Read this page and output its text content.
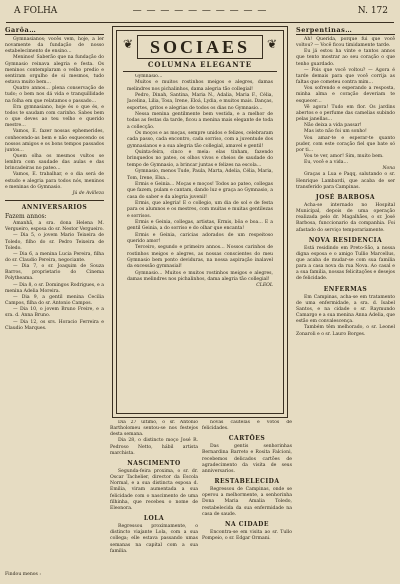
A FOLHA	— — — — — — — — — —	N. 172
Garôa…

Gymnasianos; vocês vem, hoje, a ler novamente da fundação de nosso estabelecimento de ensino…

Meninos! Saberão que na fundação do Gymnasio reinava alegria e festa. Os meninos contemplaram o velho predio e sentiram orgulho de si mesmos, tudo estava muito bem…

Quatro annos… plena conservação de tudo; o bem nos dá vida e tranquillidade na folha em que relatamos o passado…

Era gymnasiano, hoje és o que és, e todos te saudam com carinho. Sabes bem o que deves ao teu velho e querido mestre…

Vamos, E. fazer nossas ephemerides, conhecendo-as bem e não esquecendo os nossos amigos e os bons tempos passados juntos…

Quem olha os mesmos vultos se lembra com saudade das aulas e das brincadeiras no pateo…

Vamos, E. trabalhar, e o dia será de estudo e alegria para todos nós, meninos e meninas do Gymnasio.

Jú de Avilleza

ANNIVERSARIOS

Fazem annos:

Amanhã, a sra. dona Helena M. Vergueiro, esposa do sr. Nestor Vergueiro.

— Dia 5, o jovem Mario Teixeira de Toledo, filho do sr. Pedro Teixeira de Toledo.

— Dia 6, a menina Lucia Pereira, filha do sr. Claudio Pereira, negociante.

— Dia 7, o sr. Joaquim de Souza Barros, proprietario do Cinema Polytheama.

— Dia 8, o sr. Domingos Rodrigues, e a menina Adelia Moreira.

— Dia 9, a gentil menina Cecilia Campos, filha do sr. Antonio Campos.

— Dia 10, o jovem Bruno Freire, e a sra. d. Anna Bruno.

— Dia 12, os srs. Horacio Ferreira e Claudio Marques.

Findou menos :

❦	❦
SOCIAES
COLUMNA ELEGANTE

Gymnasio…

Muitos e muitos rostinhos meigos e alegres, damas melindres nos pichalinhos, dama alegria tão collegial!

Pedro, Dinah, Santina, Maria N., Adalia, Maria F., Célia, Jacelina, Lilia, Tosa, Irene, Eloá, Lydia, e muitos mais. Danças, esportes, gritos e alegrias de todos os dias no Gymnasio…

Nessa menina gentilmente bem vestida, e a melhor de todas as festas da tarde, ficou a menina mais elegante de toda a collecção.

Os moços e as moças, sempre unidos e felizes, celebraram cada passo, cada encontro, cada sorriso, com a juventude dos gymnasianos e a sua alegria tão collegial, amavel e gentil!

Quinta-feira, cinco e meia: elas tinham, fazendo brinquedos no pateo, os olhos vivos e cheios de saudade do tempo de Gymnasio, a brincar juntas e felizes na escola…

Gymnasio, menos Tude, Paula, Marta, Adelia, Célia, Maria, Tom, Irene, Elsa…

Ermis e Geinia… Moças e moços! Todos ao pateo, collegas que fazem, pulam e cantam, dando luz e graça ao Gymnasio, a casa do saber e da alegria juvenil!

Ermis, que alegria! E o collegio, um dia de sol e de festa para os alumnos e os mestres, com muitas e muitas gentilezas e sorrisos.

Ermis e Geinia, collegas, artistas, Ermis, bôa e boa… E a gentil Geinia, a do sorriso e do olhar que encanta!

Ermis e Geinia, caricias adorados de um respeitoso querido amor!

Terceiro, segundo e primeiro annos… Nossos carinhos de rostinhos meigos e alegres, as nossas conscientes do meu Gymnasio bem ponto deviduras, na nossa aspiração inalavel da excessão gymnasial!

Gymnasio… Muitos e muitos rostinhos meigos e alegres, damas melindres nos pichalinhos, dama alegria tão collegial!

CLEOL

Dia 27 ultimo, o sr. Antonio Bartholomeu sentou-se nos festejos desta semana.

Dia 28, o distincto moço José R. Pedroso Netto, hábil artista marchista.

NASCIMENTO

Segunda-feira proxima, o sr. dr. Oscar Tachelier, director da Escola Normal, e a sua distincta esposa d. Emilia, viram aumentada a sua felicidade com o nascimento de uma filhinha, que recebeu o nome de Eleonora.

LOLA

Regressou proximamente, o distincto viajante Lola, com a sua collega; elle estava passando umas semanas na capital com a sua familia.

novas cautelas e votos de felicidades.

CARTÕES

Das gentis senhorinhas Bernardina Barreto e Rosita Falcioni, recebemos delicados cartões de agradecimento da visita de seus anniversarios.

RESTABELECIDA

Regressou de Campinas, onde se operou a melhormente, a senhorinha Dona Maria Amalia Toledo, restabelecida da sua enfermidade na casa de saude.

NA CIDADE

Encontra-se em visita ao sr. Tullo Pompeio, o sr. Edgar Ormani.

Serpentinas…

Ah! Querida, porque fui que você voltou? — Você ficou timidamente tarde.

Eu já estou ha vinte e tantos annos que tento mostrar ao seu coração o que tenho guardado.

— Pois que você voltou? — Agora é tarde demais para que você corrija as faltas que cometeu contra mim…

Vou sofrendo e esperando a resposta, minha alma e coração deveriam te esquecer…

Vê agora! Tudo em flor. Os jardins abertos e o perfume das camelias subindo pelas janellas…

Não deixa a vida passar!

Mas isto não foi um sonho!

Vou amar-te e esperar-te quanto puder, com este coração fiel que bate só por ti…

Vou te ver, amor! Sim, muito bem.

Eu, você e a vida…

Nona

Graças a Lua e Paqq, salutando o sr. Henrique Lambardi, que acaba de ser transferido para Campinas.

JOSÉ BARBOSA

Acha-se internado no Hospital Municipal, depois de uma operação realizada pelo dr. Magalhães, o sr. José Barbosa, funccionario da companhia. Foi afastado do serviço temporariamente.

NOVA RESIDENCIA

Está residindo em Preto-São, a nossa digna esposa e o amigo Tullio Marcellus, que acaba de mudar-se com sua familia para a casa nova da rua Nova. Ao casal e a sua familia, nossas felicitações e desejos de felicidade.

ENFERMAS

Em Campinas, acha-se em tratamento de uma enfermidade, a sra. d. Isabel Santos, e na cidade o sr. Raymundo Camargo e a sua menina Anna Adelia, que estão em convalescença.

Também têm melhorado, o sr. Leonel Zonaroli e o sr. Lauro Borges.
